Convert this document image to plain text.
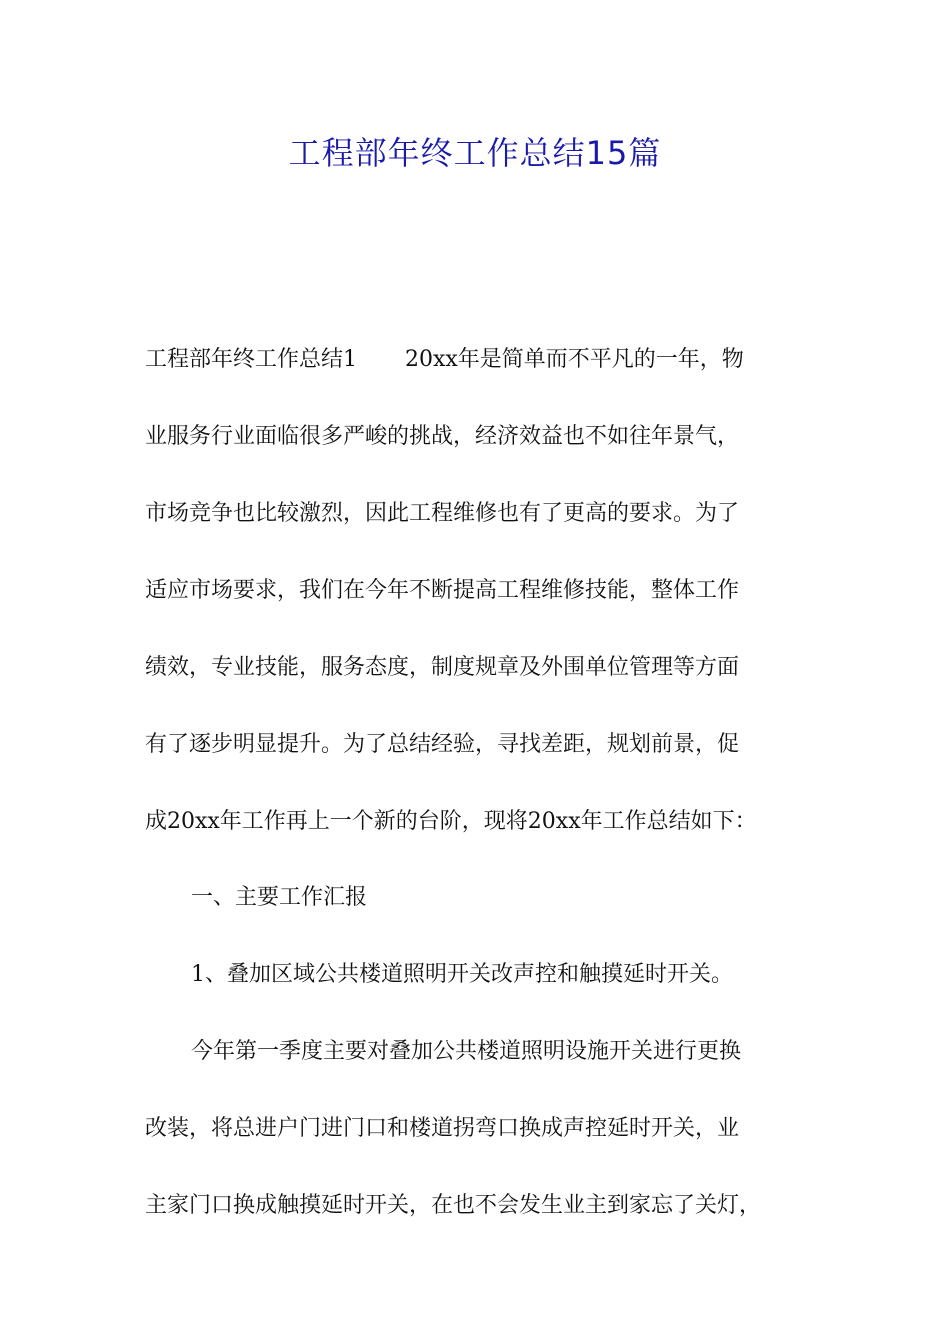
工程部年终工作总结15篇
工程部年终工作总结1 20xx年是简单而不平凡的一年，物
业服务行业面临很多严峻的挑战，经济效益也不如往年景气，
市场竞争也比较激烈，因此工程维修也有了更高的要求。为了
适应市场要求，我们在今年不断提高工程维修技能，整体工作
绩效，专业技能，服务态度，制度规章及外围单位管理等方面
有了逐步明显提升。为了总结经验，寻找差距，规划前景，促
成20xx年工作再上一个新的台阶，现将20xx年工作总结如下：
一、主要工作汇报
1、叠加区域公共楼道照明开关改声控和触摸延时开关。
今年第一季度主要对叠加公共楼道照明设施开关进行更换
改装，将总进户门进门口和楼道拐弯口换成声控延时开关，业
主家门口换成触摸延时开关，在也不会发生业主到家忘了关灯，
